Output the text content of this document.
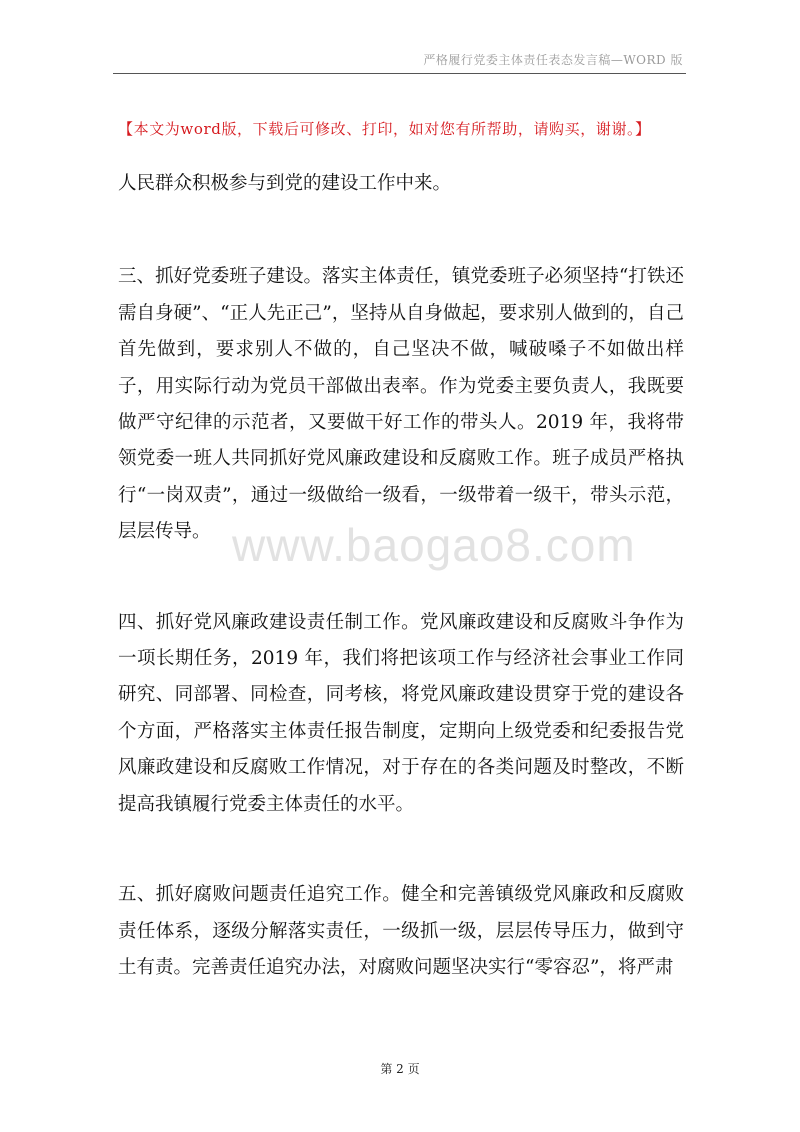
严格履行党委主体责任表态发言稿—WORD 版
【本文为word版，下载后可修改、打印，如对您有所帮助，请购买，谢谢。】

人民群众积极参与到党的建设工作中来。

三、抓好党委班子建设。落实主体责任，镇党委班子必须坚持“打铁还需自身硬”、“正人先正己”，坚持从自身做起，要求别人做到的，自己首先做到，要求别人不做的，自己坚决不做，喊破嗓子不如做出样子，用实际行动为党员干部做出表率。作为党委主要负责人，我既要做严守纪律的示范者，又要做干好工作的带头人。2019 年，我将带领党委一班人共同抓好党风廉政建设和反腐败工作。班子成员严格执行“一岗双责”，通过一级做给一级看，一级带着一级干，带头示范，层层传导。

四、抓好党风廉政建设责任制工作。党风廉政建设和反腐败斗争作为一项长期任务，2019 年，我们将把该项工作与经济社会事业工作同研究、同部署、同检查，同考核，将党风廉政建设贯穿于党的建设各个方面，严格落实主体责任报告制度，定期向上级党委和纪委报告党风廉政建设和反腐败工作情况，对于存在的各类问题及时整改，不断提高我镇履行党委主体责任的水平。

五、抓好腐败问题责任追究工作。健全和完善镇级党风廉政和反腐败责任体系，逐级分解落实责任，一级抓一级，层层传导压力，做到守土有责。完善责任追究办法，对腐败问题坚决实行“零容忍”，将严肃

www.baogao8.com
第 2 页
